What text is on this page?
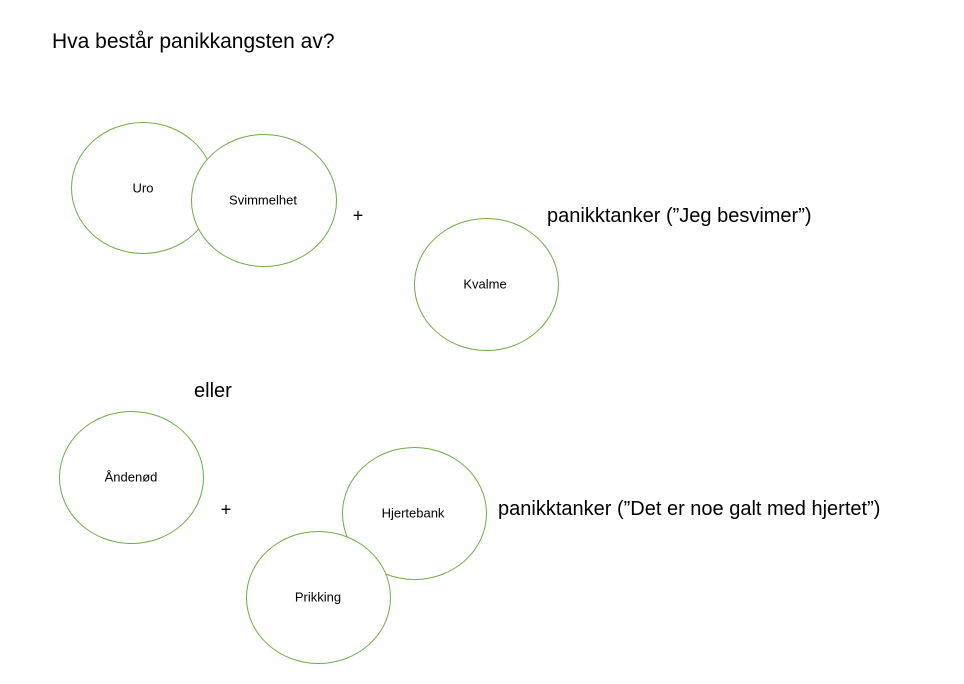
Hva består panikkangsten av?
Uro
Svimmelhet
Kvalme
+	panikktanker (”Jeg besvimer”)
eller
Åndenød
Hjertebank
Prikking
+	panikktanker (”Det er noe galt med hjertet”)
